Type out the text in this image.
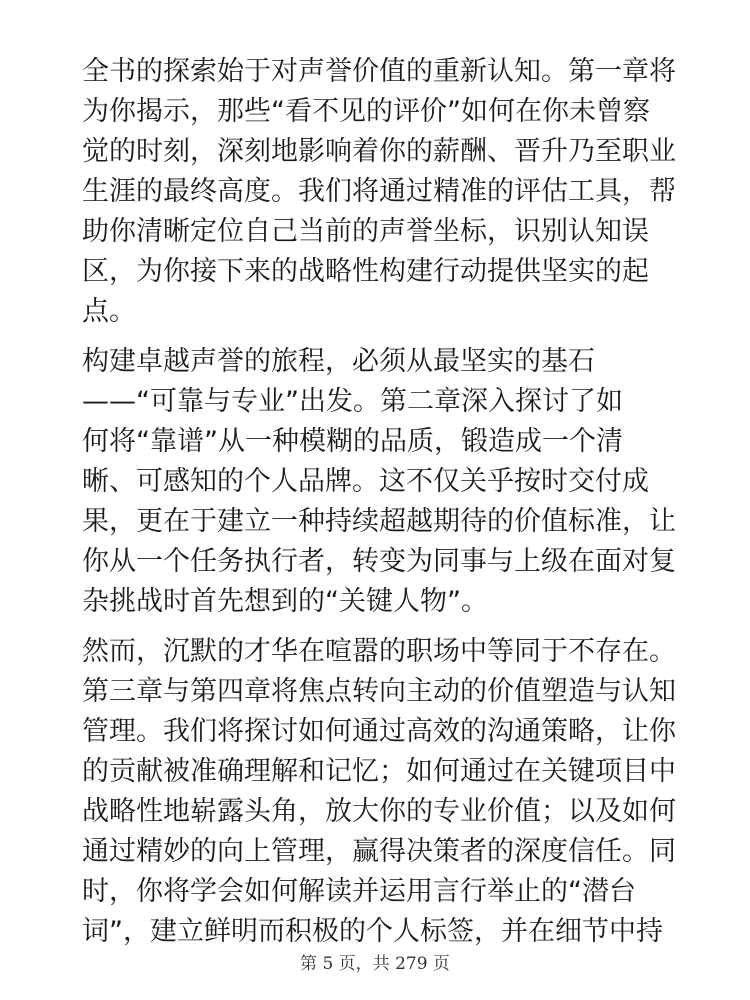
全书的探索始于对声誉价值的重新认知。第一章将
为你揭示，那些“看不见的评价”如何在你未曾察
觉的时刻，深刻地影响着你的薪酬、晋升乃至职业
生涯的最终高度。我们将通过精准的评估工具，帮
助你清晰定位自己当前的声誉坐标，识别认知误
区，为你接下来的战略性构建行动提供坚实的起
点。

构建卓越声誉的旅程，必须从最坚实的基石
——“可靠与专业”出发。第二章深入探讨了如
何将“靠谱”从一种模糊的品质，锻造成一个清
晰、可感知的个人品牌。这不仅关乎按时交付成
果，更在于建立一种持续超越期待的价值标准，让
你从一个任务执行者，转变为同事与上级在面对复
杂挑战时首先想到的“关键人物”。

然而，沉默的才华在喧嚣的职场中等同于不存在。
第三章与第四章将焦点转向主动的价值塑造与认知
管理。我们将探讨如何通过高效的沟通策略，让你
的贡献被准确理解和记忆；如何通过在关键项目中
战略性地崭露头角，放大你的专业价值；以及如何
通过精妙的向上管理，赢得决策者的深度信任。同
时，你将学会如何解读并运用言行举止的“潜台
词”，建立鲜明而积极的个人标签，并在细节中持

第 5 页，共 279 页
